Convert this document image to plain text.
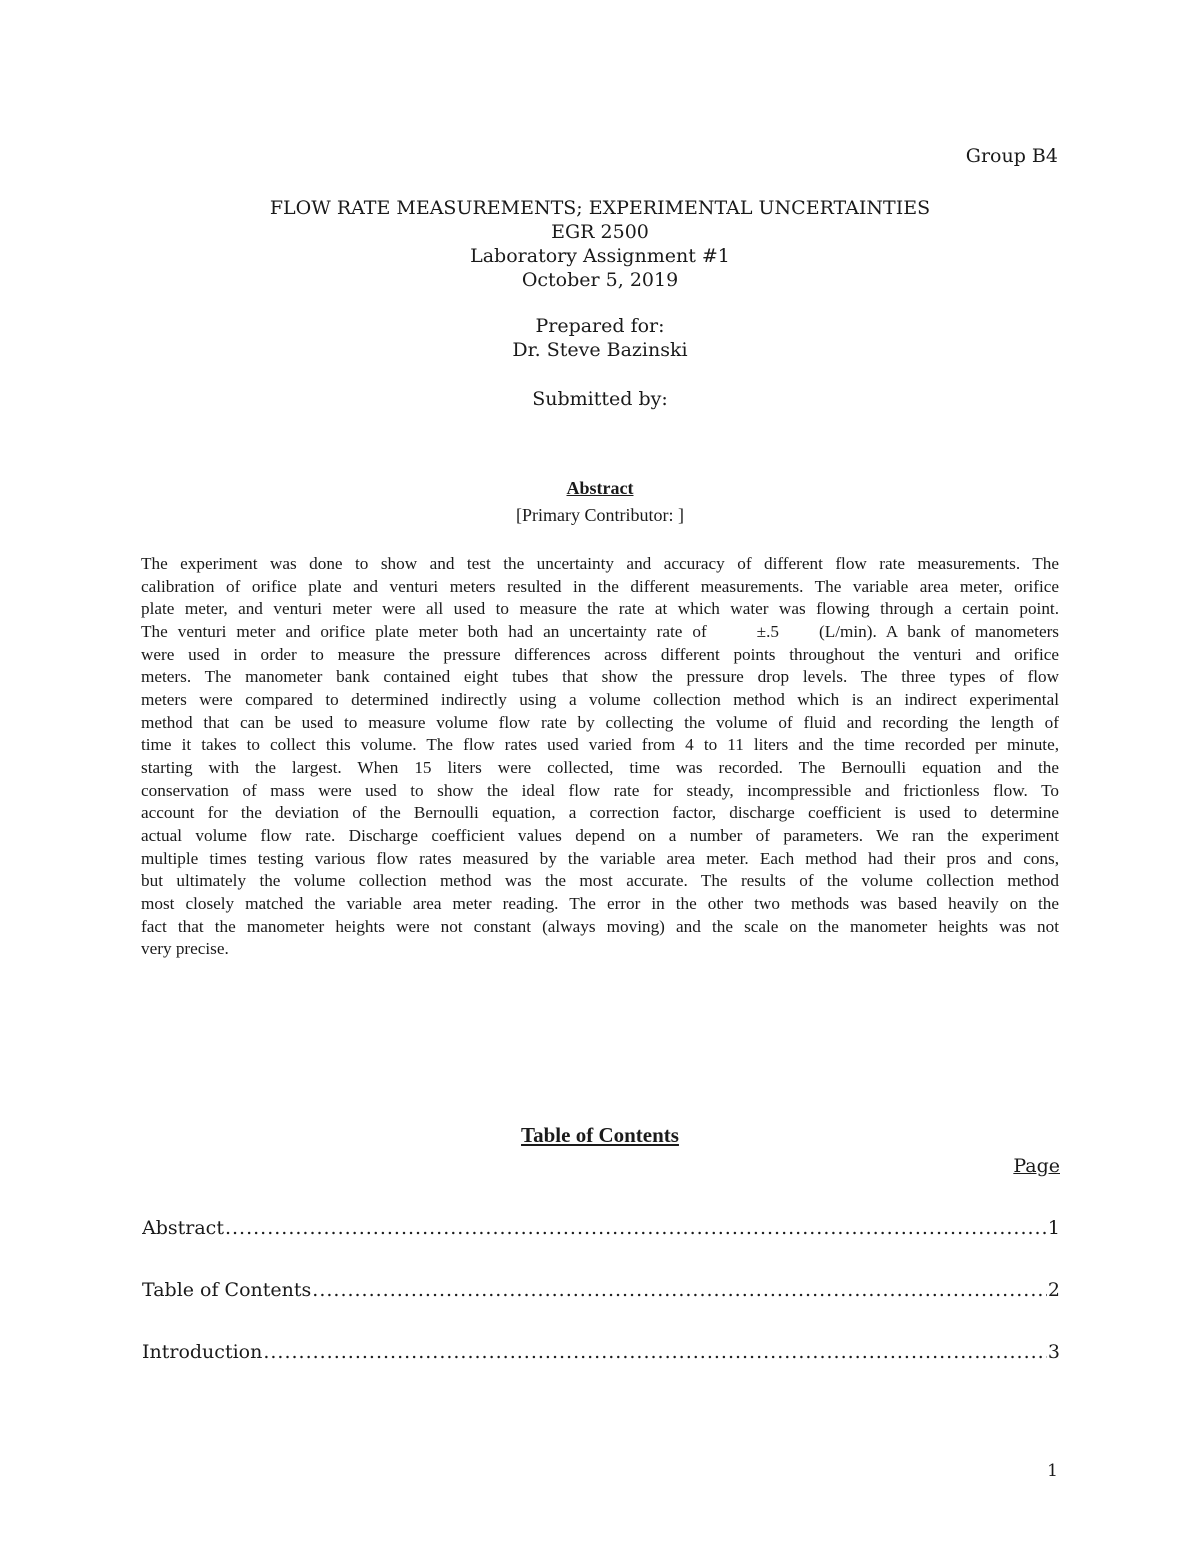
Group B4
FLOW RATE MEASUREMENTS; EXPERIMENTAL UNCERTAINTIES
EGR 2500
Laboratory Assignment #1
October 5, 2019
Prepared for:
Dr. Steve Bazinski
Submitted by:
Abstract
[Primary Contributor: ]
The experiment was done to show and test the uncertainty and accuracy of different flow rate measurements. The
calibration of orifice plate and venturi meters resulted in the different measurements. The variable area meter, orifice
plate meter, and venturi meter were all used to measure the rate at which water was flowing through a certain point.
The venturi meter and orifice plate meter both had an uncertainty rate of     ±.5    (L/min). A bank of manometers
were used in order to measure the pressure differences across different points throughout the venturi and orifice
meters. The manometer bank contained eight tubes that show the pressure drop levels. The three types of flow
meters were compared to determined indirectly using a volume collection method which is an indirect experimental
method that can be used to measure volume flow rate by collecting the volume of fluid and recording the length of
time it takes to collect this volume. The flow rates used varied from 4 to 11 liters and the time recorded per minute,
starting with the largest. When 15 liters were collected, time was recorded. The Bernoulli equation and the
conservation of mass were used to show the ideal flow rate for steady, incompressible and frictionless flow. To
account for the deviation of the Bernoulli equation, a correction factor, discharge coefficient is used to determine
actual volume flow rate. Discharge coefficient values depend on a number of parameters. We ran the experiment
multiple times testing various flow rates measured by the variable area meter. Each method had their pros and cons,
but ultimately the volume collection method was the most accurate. The results of the volume collection method
most closely matched the variable area meter reading. The error in the other two methods was based heavily on the
fact that the manometer heights were not constant (always moving) and the scale on the manometer heights was not
very precise.
Table of Contents
Page
Abstract .....	1
Table of Contents .....	2
Introduction .....	3
1
